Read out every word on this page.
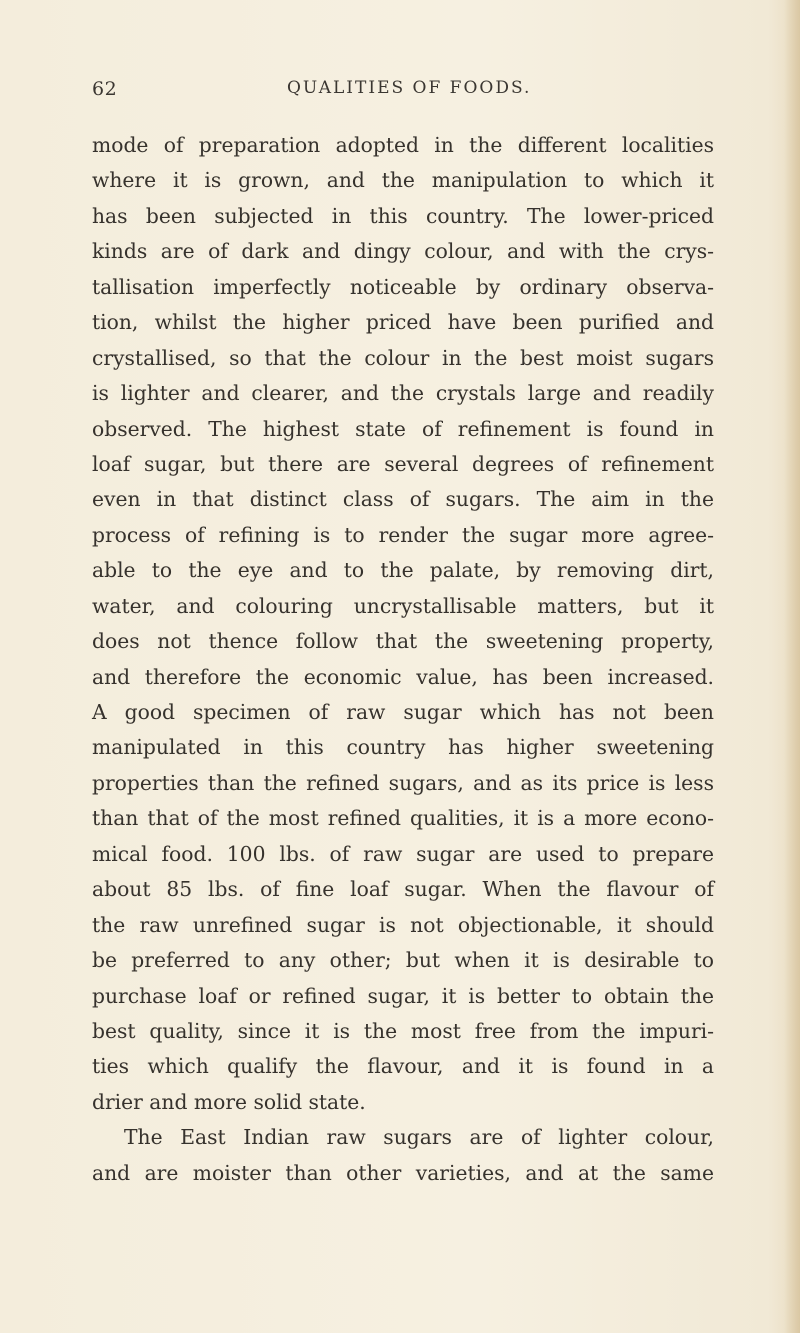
62	QUALITIES OF FOODS.
mode of preparation adopted in the different localities
where it is grown, and the manipulation to which it
has been subjected in this country. The lower-priced
kinds are of dark and dingy colour, and with the crys-
tallisation imperfectly noticeable by ordinary observa-
tion, whilst the higher priced have been purified and
crystallised, so that the colour in the best moist sugars
is lighter and clearer, and the crystals large and readily
observed. The highest state of refinement is found in
loaf sugar, but there are several degrees of refinement
even in that distinct class of sugars. The aim in the
process of refining is to render the sugar more agree-
able to the eye and to the palate, by removing dirt,
water, and colouring uncrystallisable matters, but it
does not thence follow that the sweetening property,
and therefore the economic value, has been increased.
A good specimen of raw sugar which has not been
manipulated in this country has higher sweetening
properties than the refined sugars, and as its price is less
than that of the most refined qualities, it is a more econo-
mical food. 100 lbs. of raw sugar are used to prepare
about 85 lbs. of fine loaf sugar. When the flavour of
the raw unrefined sugar is not objectionable, it should
be preferred to any other; but when it is desirable to
purchase loaf or refined sugar, it is better to obtain the
best quality, since it is the most free from the impuri-
ties which qualify the flavour, and it is found in a
drier and more solid state.
The East Indian raw sugars are of lighter colour,
and are moister than other varieties, and at the same
